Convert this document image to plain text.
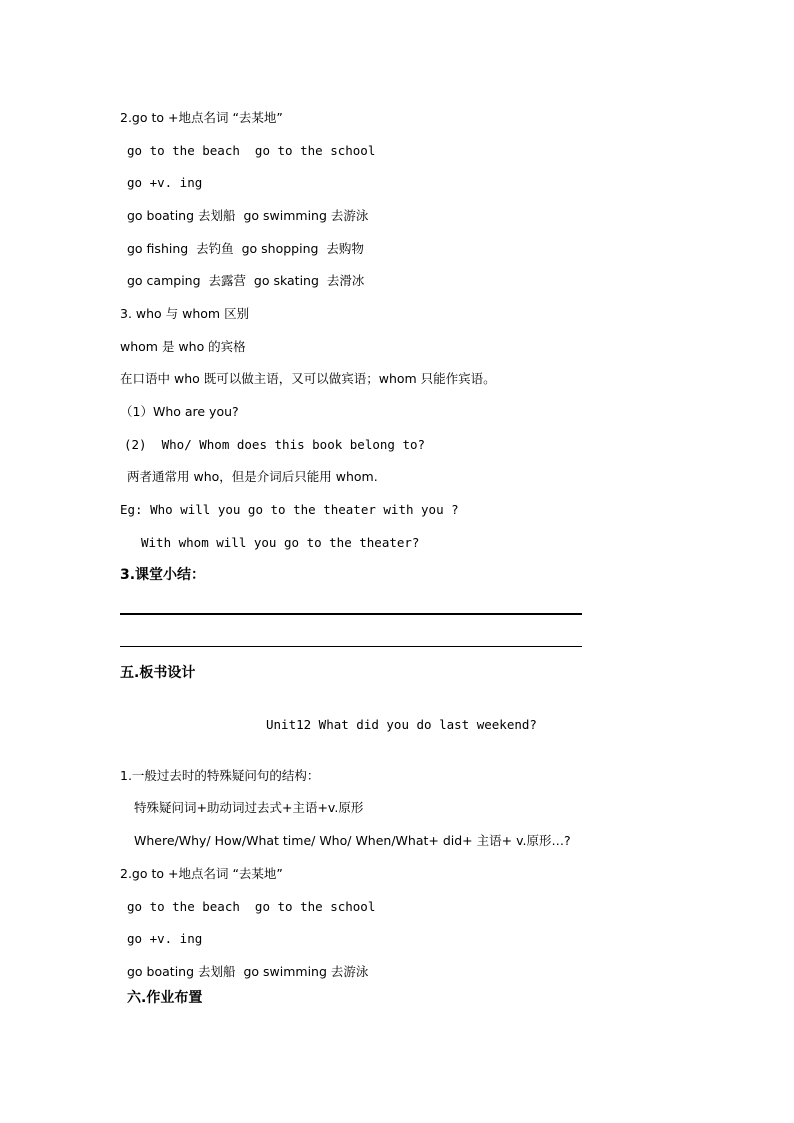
2.go to +地点名词 “去某地”
go to the beach  go to the school
go +v. ing
go boating 去划船  go swimming 去游泳
go fishing  去钓鱼  go shopping  去购物
go camping  去露营  go skating  去滑冰
3. who 与 whom 区别
whom 是 who 的宾格
在口语中 who 既可以做主语，又可以做宾语；whom 只能作宾语。
（1）Who are you?
(2)  Who/ Whom does this book belong to?
两者通常用 who，但是介词后只能用 whom.
Eg: Who will you go to the theater with you ?
With whom will you go to the theater?
3.课堂小结：
五.板书设计
Unit12 What did you do last weekend?
1.一般过去时的特殊疑问句的结构：
特殊疑问词+助动词过去式+主语+v.原形
Where/Why/ How/What time/ Who/ When/What+ did+ 主语+ v.原形…?
2.go to +地点名词 “去某地”
go to the beach  go to the school
go +v. ing
go boating 去划船  go swimming 去游泳
六.作业布置
